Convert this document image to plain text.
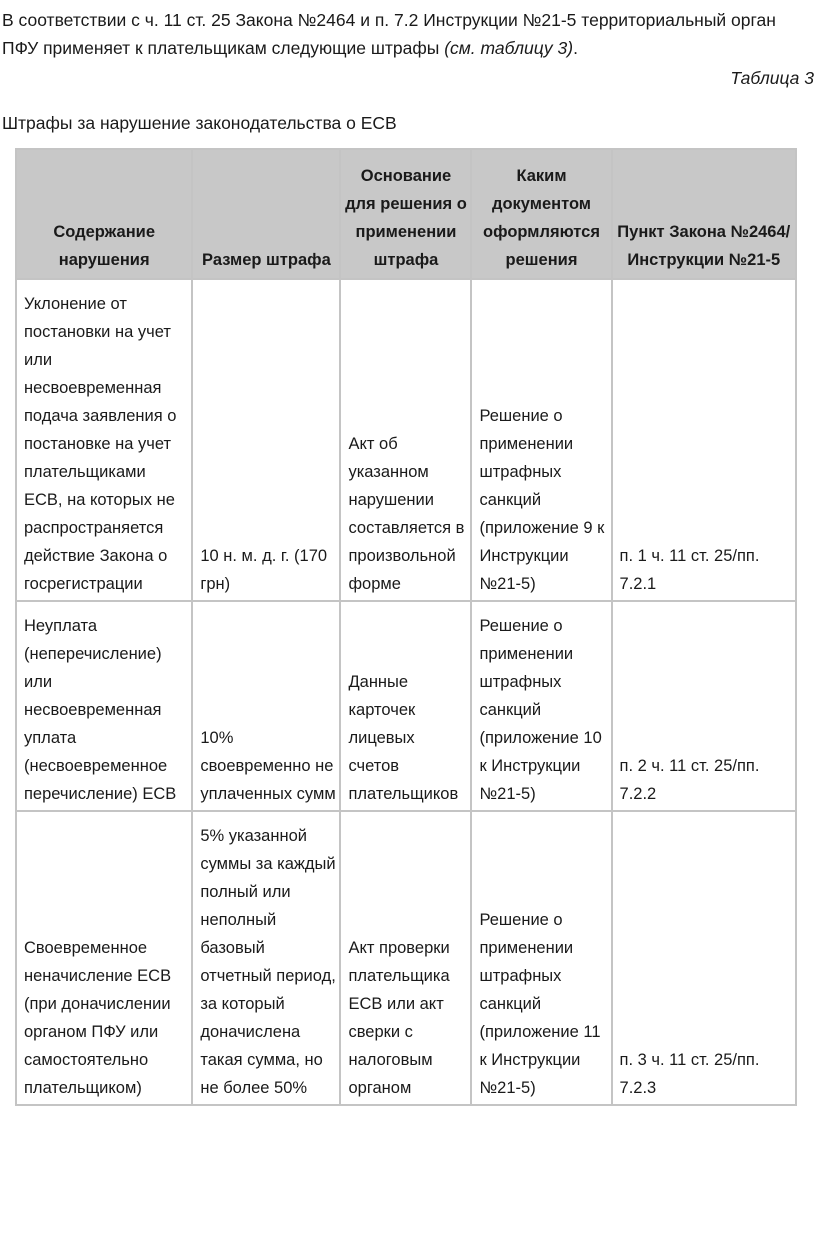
В соответствии с ч. 11 ст. 25 Закона №2464 и п. 7.2 Инструкции №21-5 территориальный орган ПФУ применяет к плательщикам следующие штрафы (см. таблицу 3).

Таблица 3

Штрафы за нарушение законодательства о ЕСВ

Содержание нарушения	Размер штрафа	Основание для решения о применении штрафа	Каким документом оформляются решения	Пункт Закона №2464/Инструкции №21-5
Уклонение от постановки на учет или несвоевременная подача заявления о постановке на учет плательщиками ЕСВ, на которых не распространяется действие Закона о госрегистрации	10 н. м. д. г. (170 грн)	Акт об указанном нарушении составляется в произвольной форме	Решение о применении штрафных санкций (приложение 9 к Инструкции №21-5)	п. 1 ч. 11 ст. 25/пп. 7.2.1
Неуплата (неперечисление) или несвоевременная уплата (несвоевременное перечисление) ЕСВ	10% своевременно не уплаченных сумм	Данные карточек лицевых счетов плательщиков	Решение о применении штрафных санкций (приложение 10 к Инструкции №21-5)	п. 2 ч. 11 ст. 25/пп. 7.2.2
Своевременное неначисление ЕСВ (при доначислении органом ПФУ или самостоятельно плательщиком)	5% указанной суммы за каждый полный или неполный базовый отчетный период, за который доначислена такая сумма, но не более 50%	Акт проверки плательщика ЕСВ или акт сверки с налоговым органом	Решение о применении штрафных санкций (приложение 11 к Инструкции №21-5)	п. 3 ч. 11 ст. 25/пп. 7.2.3
